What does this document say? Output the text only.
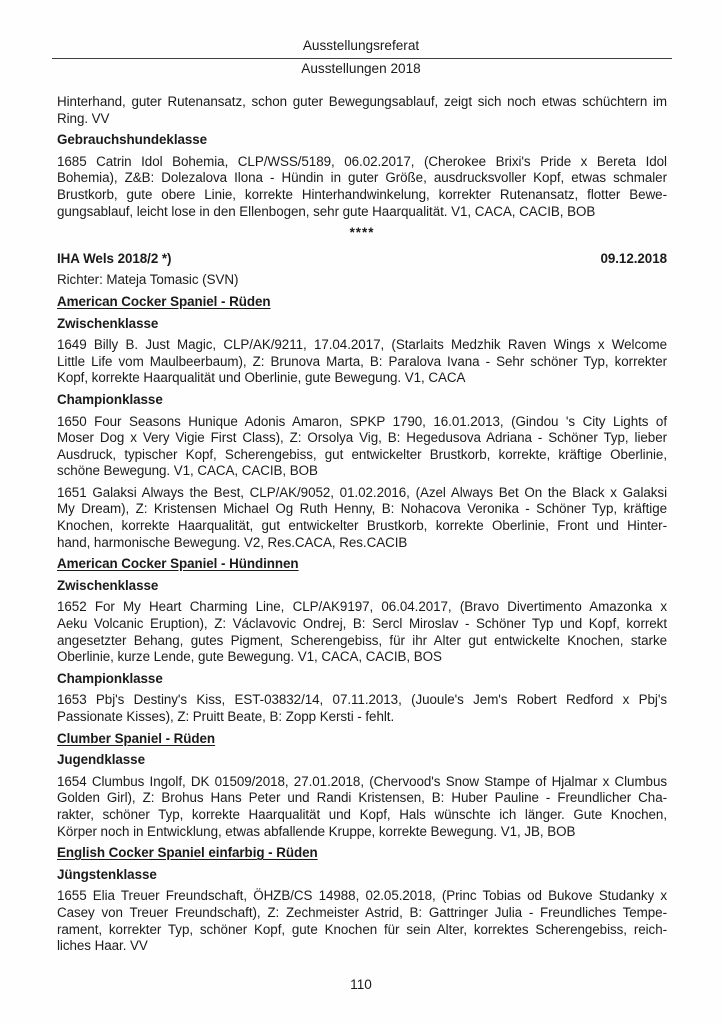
Ausstellungsreferat
Ausstellungen 2018
Hinterhand, guter Rutenansatz, schon guter Bewegungsablauf, zeigt sich noch etwas schüchtern im
Ring. VV
Gebrauchshundeklasse
1685 Catrin Idol Bohemia, CLP/WSS/5189, 06.02.2017, (Cherokee Brixi's Pride x Bereta Idol
Bohemia), Z&B: Dolezalova Ilona - Hündin in guter Größe, ausdrucksvoller Kopf, etwas schmaler
Brustkorb, gute obere Linie, korrekte Hinterhandwinkelung, korrekter Rutenansatz, flotter Bewe-
gungsablauf, leicht lose in den Ellenbogen, sehr gute Haarqualität. V1, CACA, CACIB, BOB
****
IHA Wels 2018/2 *)	09.12.2018
Richter: Mateja Tomasic (SVN)
American Cocker Spaniel - Rüden
Zwischenklasse
1649 Billy B. Just Magic, CLP/AK/9211, 17.04.2017, (Starlaits Medzhik Raven Wings x Welcome
Little Life vom Maulbeerbaum), Z: Brunova Marta, B: Paralova Ivana - Sehr schöner Typ, korrekter
Kopf, korrekte Haarqualität und Oberlinie, gute Bewegung. V1, CACA
Championklasse
1650 Four Seasons Hunique Adonis Amaron, SPKP 1790, 16.01.2013, (Gindou 's City Lights of
Moser Dog x Very Vigie First Class), Z: Orsolya Vig, B: Hegedusova Adriana - Schöner Typ, lieber
Ausdruck, typischer Kopf, Scherengebiss, gut entwickelter Brustkorb, korrekte, kräftige Oberlinie,
schöne Bewegung. V1, CACA, CACIB, BOB
1651 Galaksi Always the Best, CLP/AK/9052, 01.02.2016, (Azel Always Bet On the Black x Galaksi
My Dream), Z: Kristensen Michael Og Ruth Henny, B: Nohacova Veronika - Schöner Typ, kräftige
Knochen, korrekte Haarqualität, gut entwickelter Brustkorb, korrekte Oberlinie, Front und Hinter-
hand, harmonische Bewegung. V2, Res.CACA, Res.CACIB
American Cocker Spaniel - Hündinnen
Zwischenklasse
1652 For My Heart Charming Line, CLP/AK9197, 06.04.2017, (Bravo Divertimento Amazonka x
Aeku Volcanic Eruption), Z: Václavovic Ondrej, B: Sercl Miroslav - Schöner Typ und Kopf, korrekt
angesetzter Behang, gutes Pigment, Scherengebiss, für ihr Alter gut entwickelte Knochen, starke
Oberlinie, kurze Lende, gute Bewegung. V1, CACA, CACIB, BOS
Championklasse
1653 Pbj's Destiny's Kiss, EST-03832/14, 07.11.2013, (Juoule's Jem's Robert Redford x Pbj's
Passionate Kisses), Z: Pruitt Beate, B: Zopp Kersti - fehlt.
Clumber Spaniel - Rüden
Jugendklasse
1654 Clumbus Ingolf, DK 01509/2018, 27.01.2018, (Chervood's Snow Stampe of Hjalmar x Clumbus
Golden Girl), Z: Brohus Hans Peter und Randi Kristensen, B: Huber Pauline - Freundlicher Cha-
rakter, schöner Typ, korrekte Haarqualität und Kopf, Hals wünschte ich länger. Gute Knochen,
Körper noch in Entwicklung, etwas abfallende Kruppe, korrekte Bewegung. V1, JB, BOB
English Cocker Spaniel einfarbig - Rüden
Jüngstenklasse
1655 Elia Treuer Freundschaft, ÖHZB/CS 14988, 02.05.2018, (Princ Tobias od Bukove Studanky x
Casey von Treuer Freundschaft), Z: Zechmeister Astrid, B: Gattringer Julia - Freundliches Tempe-
rament, korrekter Typ, schöner Kopf, gute Knochen für sein Alter, korrektes Scherengebiss, reich-
liches Haar. VV
110
